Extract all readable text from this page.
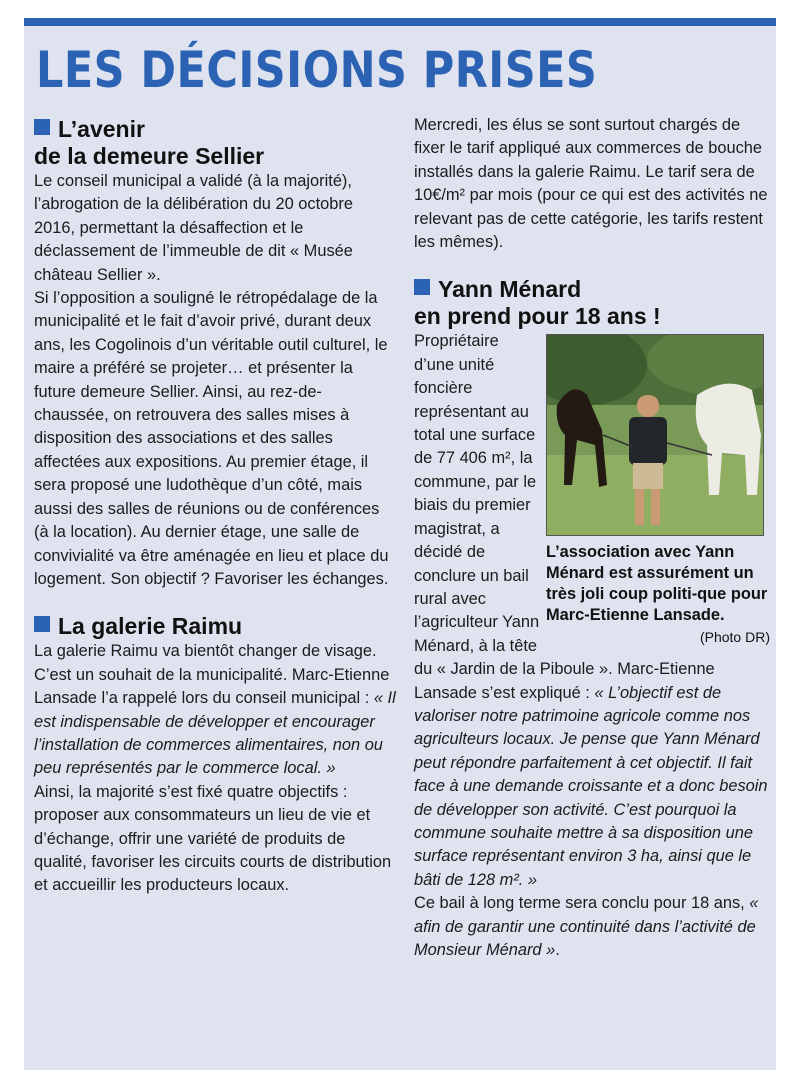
LES DÉCISIONS PRISES
L’avenir
de la demeure Sellier

Le conseil municipal a validé (à la majorité), l’abrogation de la délibération du 20 octobre 2016, permettant la désaffection et le déclassement de l’immeuble de dit « Musée château Sellier ».

Si l’opposition a souligné le rétropédalage de la municipalité et le fait d’avoir privé, durant deux ans, les Cogolinois d’un véritable outil culturel, le maire a préféré se projeter… et présenter la future demeure Sellier. Ainsi, au rez-de-chaussée, on retrouvera des salles mises à disposition des associations et des salles affectées aux expositions. Au premier étage, il sera proposé une ludothèque d’un côté, mais aussi des salles de réunions ou de conférences (à la location). Au dernier étage, une salle de convivialité va être aménagée en lieu et place du logement. Son objectif ? Favoriser les échanges.

La galerie Raimu

La galerie Raimu va bientôt changer de visage. C’est un souhait de la municipalité. Marc-Etienne Lansade l’a rappelé lors du conseil municipal : « Il est indispensable de développer et encourager l’installation de commerces alimentaires, non ou peu représentés par le commerce local. »

Ainsi, la majorité s’est fixé quatre objectifs : proposer aux consommateurs un lieu de vie et d’échange, offrir une variété de produits de qualité, favoriser les circuits courts de distribution et accueillir les producteurs locaux.

Mercredi, les élus se sont surtout chargés de fixer le tarif appliqué aux commerces de bouche installés dans la galerie Raimu. Le tarif sera de 10€/m² par mois (pour ce qui est des activités ne relevant pas de cette catégorie, les tarifs restent les mêmes).

Yann Ménard
en prend pour 18 ans !
L’association avec Yann Ménard est assurément un très joli coup politi-que pour Marc-Etienne Lansade.
(Photo DR)

Propriétaire d’une unité foncière représentant au total une surface de 77 406 m², la commune, par le biais du premier magistrat, a décidé de conclure un bail rural avec l’agriculteur Yann Ménard, à la tête du « Jardin de la Piboule ». Marc-Etienne Lansade s’est expliqué : « L’objectif est de valoriser notre patrimoine agricole comme nos agriculteurs locaux. Je pense que Yann Ménard peut répondre parfaitement à cet objectif. Il fait face à une demande croissante et a donc besoin de développer son activité. C’est pourquoi la commune souhaite mettre à sa disposition une surface représentant environ 3 ha, ainsi que le bâti de 128 m². »

Ce bail à long terme sera conclu pour 18 ans, « afin de garantir une continuité dans l’activité de Monsieur Ménard ».
